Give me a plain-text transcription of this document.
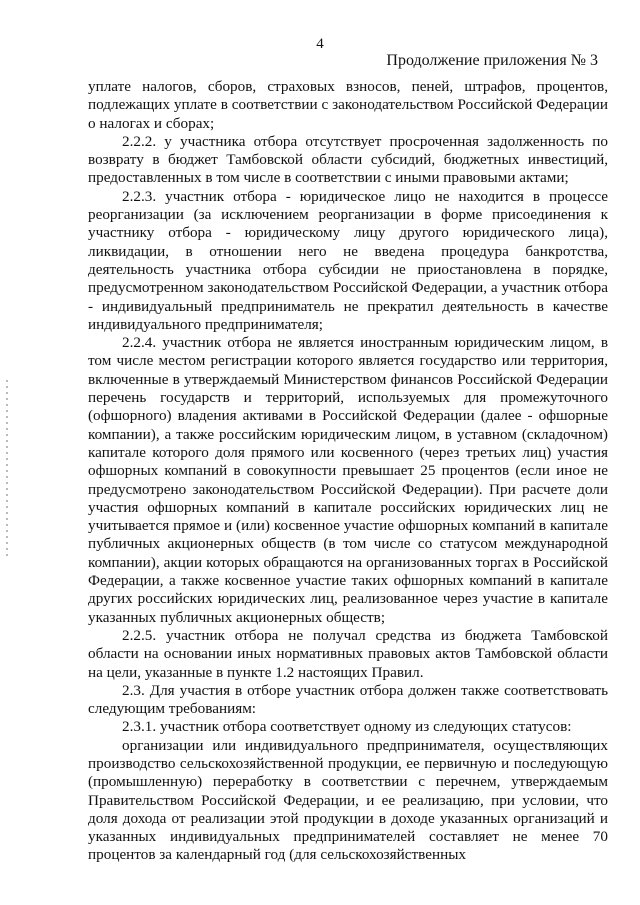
4
Продолжение приложения № 3

уплате налогов, сборов, страховых взносов, пеней, штрафов, процентов, подлежащих уплате в соответствии с законодательством Российской Федерации о налогах и сборах;

2.2.2. у участника отбора отсутствует просроченная задолженность по возврату в бюджет Тамбовской области субсидий, бюджетных инвестиций, предоставленных в том числе в соответствии с иными правовыми актами;

2.2.3. участник отбора - юридическое лицо не находится в процессе реорганизации (за исключением реорганизации в форме присоединения к участнику отбора - юридическому лицу другого юридического лица), ликвидации, в отношении него не введена процедура банкротства, деятельность участника отбора субсидии не приостановлена в порядке, предусмотренном законодательством Российской Федерации, а участник отбора - индивидуальный предприниматель не прекратил деятельность в качестве индивидуального предпринимателя;

2.2.4. участник отбора не является иностранным юридическим лицом, в том числе местом регистрации которого является государство или территория, включенные в утверждаемый Министерством финансов Российской Федерации перечень государств и территорий, используемых для промежуточного (офшорного) владения активами в Российской Федерации (далее - офшорные компании), а также российским юридическим лицом, в уставном (складочном) капитале которого доля прямого или косвенного (через третьих лиц) участия офшорных компаний в совокупности превышает 25 процентов (если иное не предусмотрено законодательством Российской Федерации). При расчете доли участия офшорных компаний в капитале российских юридических лиц не учитывается прямое и (или) косвенное участие офшорных компаний в капитале публичных акционерных обществ (в том числе со статусом международной компании), акции которых обращаются на организованных торгах в Российской Федерации, а также косвенное участие таких офшорных компаний в капитале других российских юридических лиц, реализованное через участие в капитале указанных публичных акционерных обществ;

2.2.5. участник отбора не получал средства из бюджета Тамбовской области на основании иных нормативных правовых актов Тамбовской области на цели, указанные в пункте 1.2 настоящих Правил.

2.3. Для участия в отборе участник отбора должен также соответствовать следующим требованиям:

2.3.1. участник отбора соответствует одному из следующих статусов:

организации или индивидуального предпринимателя, осуществляющих производство сельскохозяйственной продукции, ее первичную и последующую (промышленную) переработку в соответствии с перечнем, утверждаемым Правительством Российской Федерации, и ее реализацию, при условии, что доля дохода от реализации этой продукции в доходе указанных организаций и указанных индивидуальных предпринимателей составляет не менее 70 процентов за календарный год (для сельскохозяйственных
